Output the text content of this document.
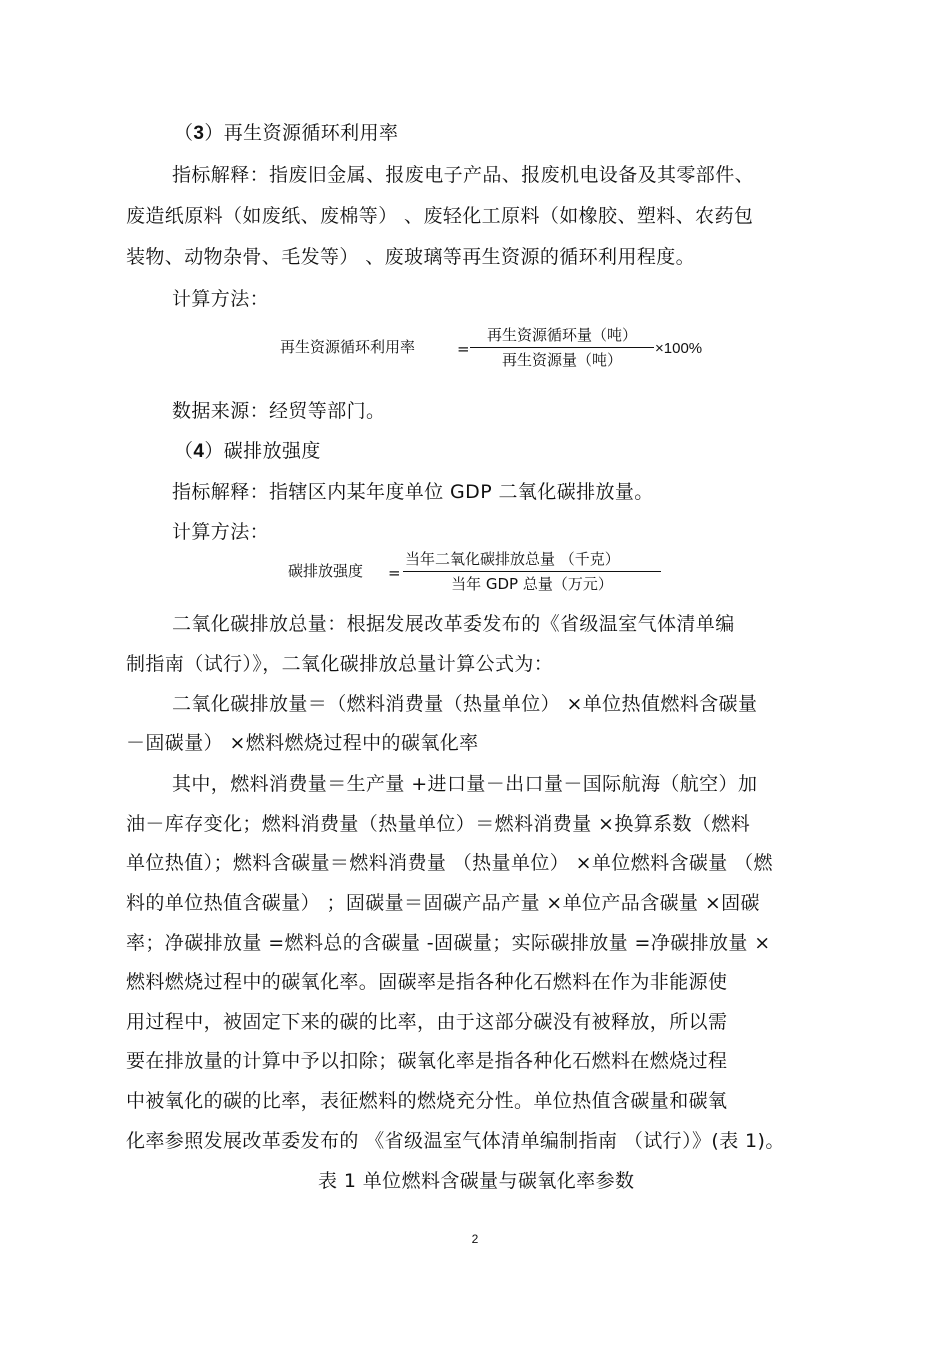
（3）再生资源循环利用率
指标解释：指废旧金属、报废电子产品、报废机电设备及其零部件、
废造纸原料（如废纸、废棉等） 、废轻化工原料（如橡胶、塑料、农药包
装物、动物杂骨、毛发等） 、废玻璃等再生资源的循环利用程度。
计算方法：
再生资源循环利用率	=
再生资源循环量（吨）
再生资源量（吨）
×100%
数据来源：经贸等部门。
（4）碳排放强度
指标解释：指辖区内某年度单位 GDP 二氧化碳排放量。
计算方法：
碳排放强度 =
当年二氧化碳排放总量 （千克）
当年 GDP 总量（万元）
二氧化碳排放总量：根据发展改革委发布的《省级温室气体清单编
制指南（试行）》，二氧化碳排放总量计算公式为：
二氧化碳排放量＝（燃料消费量（热量单位） ×单位热值燃料含碳量
－固碳量） ×燃料燃烧过程中的碳氧化率
其中，燃料消费量＝生产量 +进口量－出口量－国际航海（航空）加
油－库存变化；燃料消费量（热量单位）＝燃料消费量 ×换算系数（燃料
单位热值）；燃料含碳量＝燃料消费量 （热量单位） ×单位燃料含碳量 （燃
料的单位热值含碳量） ；固碳量＝固碳产品产量 ×单位产品含碳量 ×固碳
率；净碳排放量 =燃料总的含碳量 -固碳量；实际碳排放量 =净碳排放量 ×
燃料燃烧过程中的碳氧化率。固碳率是指各种化石燃料在作为非能源使
用过程中，被固定下来的碳的比率，由于这部分碳没有被释放，所以需
要在排放量的计算中予以扣除；碳氧化率是指各种化石燃料在燃烧过程
中被氧化的碳的比率，表征燃料的燃烧充分性。单位热值含碳量和碳氧
化率参照发展改革委发布的 《省级温室气体清单编制指南 （试行）》(表 1)。
表 1 单位燃料含碳量与碳氧化率参数
2
